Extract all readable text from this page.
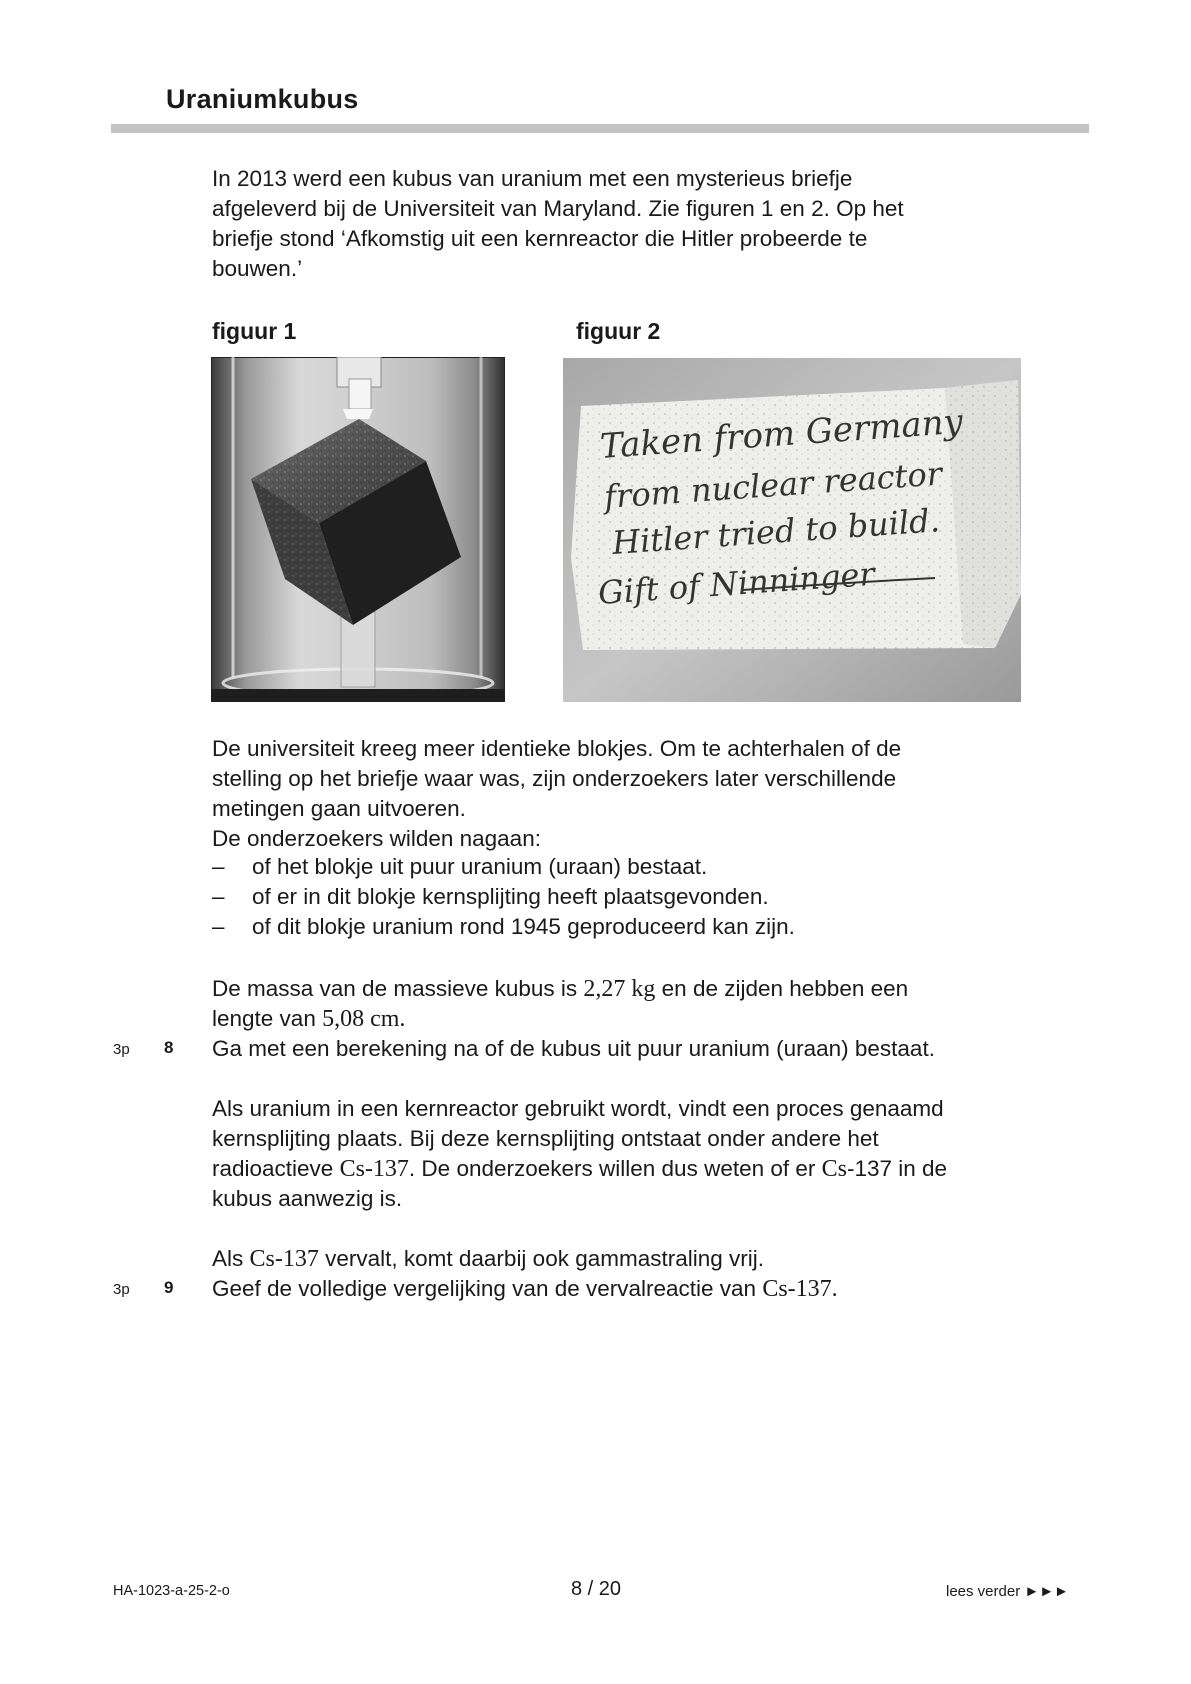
Uraniumkubus
In 2013 werd een kubus van uranium met een mysterieus briefje
afgeleverd bij de Universiteit van Maryland. Zie figuren 1 en 2. Op het
briefje stond ‘Afkomstig uit een kernreactor die Hitler probeerde te
bouwen.’
figuur 1	figuur 2
Taken from Germany
from nuclear reactor
Hitler tried to build.
Gift of Ninninger
De universiteit kreeg meer identieke blokjes. Om te achterhalen of de
stelling op het briefje waar was, zijn onderzoekers later verschillende
metingen gaan uitvoeren.
De onderzoekers wilden nagaan:
– of het blokje uit puur uranium (uraan) bestaat.
– of er in dit blokje kernsplijting heeft plaatsgevonden.
– of dit blokje uranium rond 1945 geproduceerd kan zijn.
De massa van de massieve kubus is 2,27 kg en de zijden hebben een
lengte van 5,08 cm.
3p 8 Ga met een berekening na of de kubus uit puur uranium (uraan) bestaat.
Als uranium in een kernreactor gebruikt wordt, vindt een proces genaamd
kernsplijting plaats. Bij deze kernsplijting ontstaat onder andere het
radioactieve Cs-137. De onderzoekers willen dus weten of er Cs-137 in de
kubus aanwezig is.
Als Cs-137 vervalt, komt daarbij ook gammastraling vrij.
3p 9 Geef de volledige vergelijking van de vervalreactie van Cs-137.
HA-1023-a-25-2-o	8 / 20	lees verder ►►►
